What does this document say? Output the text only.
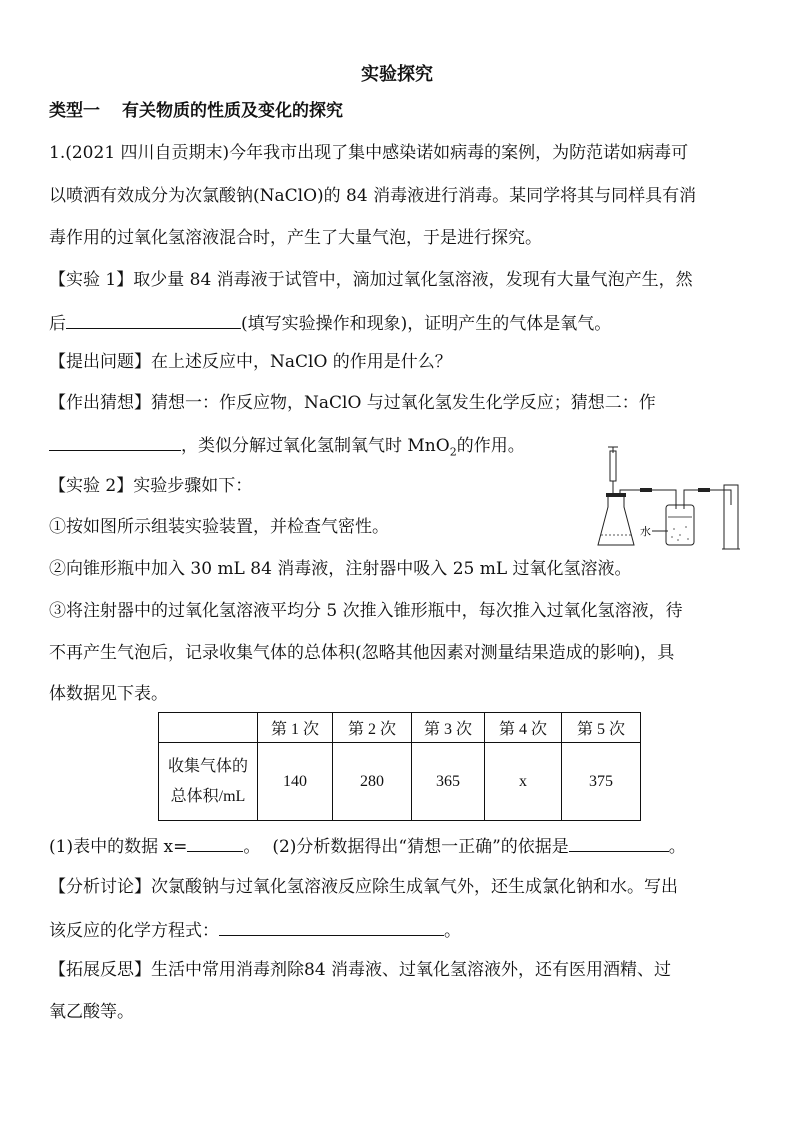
实验探究
类型一 有关物质的性质及变化的探究
1.(2021 四川自贡期末)今年我市出现了集中感染诺如病毒的案例，为防范诺如病毒可
以喷洒有效成分为次氯酸钠(NaClO)的 84 消毒液进行消毒。某同学将其与同样具有消
毒作用的过氧化氢溶液混合时，产生了大量气泡，于是进行探究。
【实验 1】取少量 84 消毒液于试管中，滴加过氧化氢溶液，发现有大量气泡产生，然
后	(填写实验操作和现象)，证明产生的气体是氧气。
【提出问题】在上述反应中，NaClO 的作用是什么？
【作出猜想】猜想一：作反应物，NaClO 与过氧化氢发生化学反应；猜想二：作
，类似分解过氧化氢制氧气时 MnO$_2$的作用。
【实验 2】实验步骤如下：
①按如图所示组装实验装置，并检查气密性。
②向锥形瓶中加入 30 mL 84 消毒液，注射器中吸入 25 mL 过氧化氢溶液。
③将注射器中的过氧化氢溶液平均分 5 次推入锥形瓶中，每次推入过氧化氢溶液，待
不再产生气泡后，记录收集气体的总体积(忽略其他因素对测量结果造成的影响)，具
体数据见下表。
水
	第 1 次	第 2 次	第 3 次	第 4 次	第 5 次

收集气体的
总体积/mL	140	280	365	x	375
(1)表中的数据 x=	。 (2)分析数据得出“猜想一正确”的依据是	。
【分析讨论】次氯酸钠与过氧化氢溶液反应除生成氧气外，还生成氯化钠和水。写出
该反应的化学方程式：	。
【拓展反思】生活中常用消毒剂除84 消毒液、过氧化氢溶液外，还有医用酒精、过
氧乙酸等。
